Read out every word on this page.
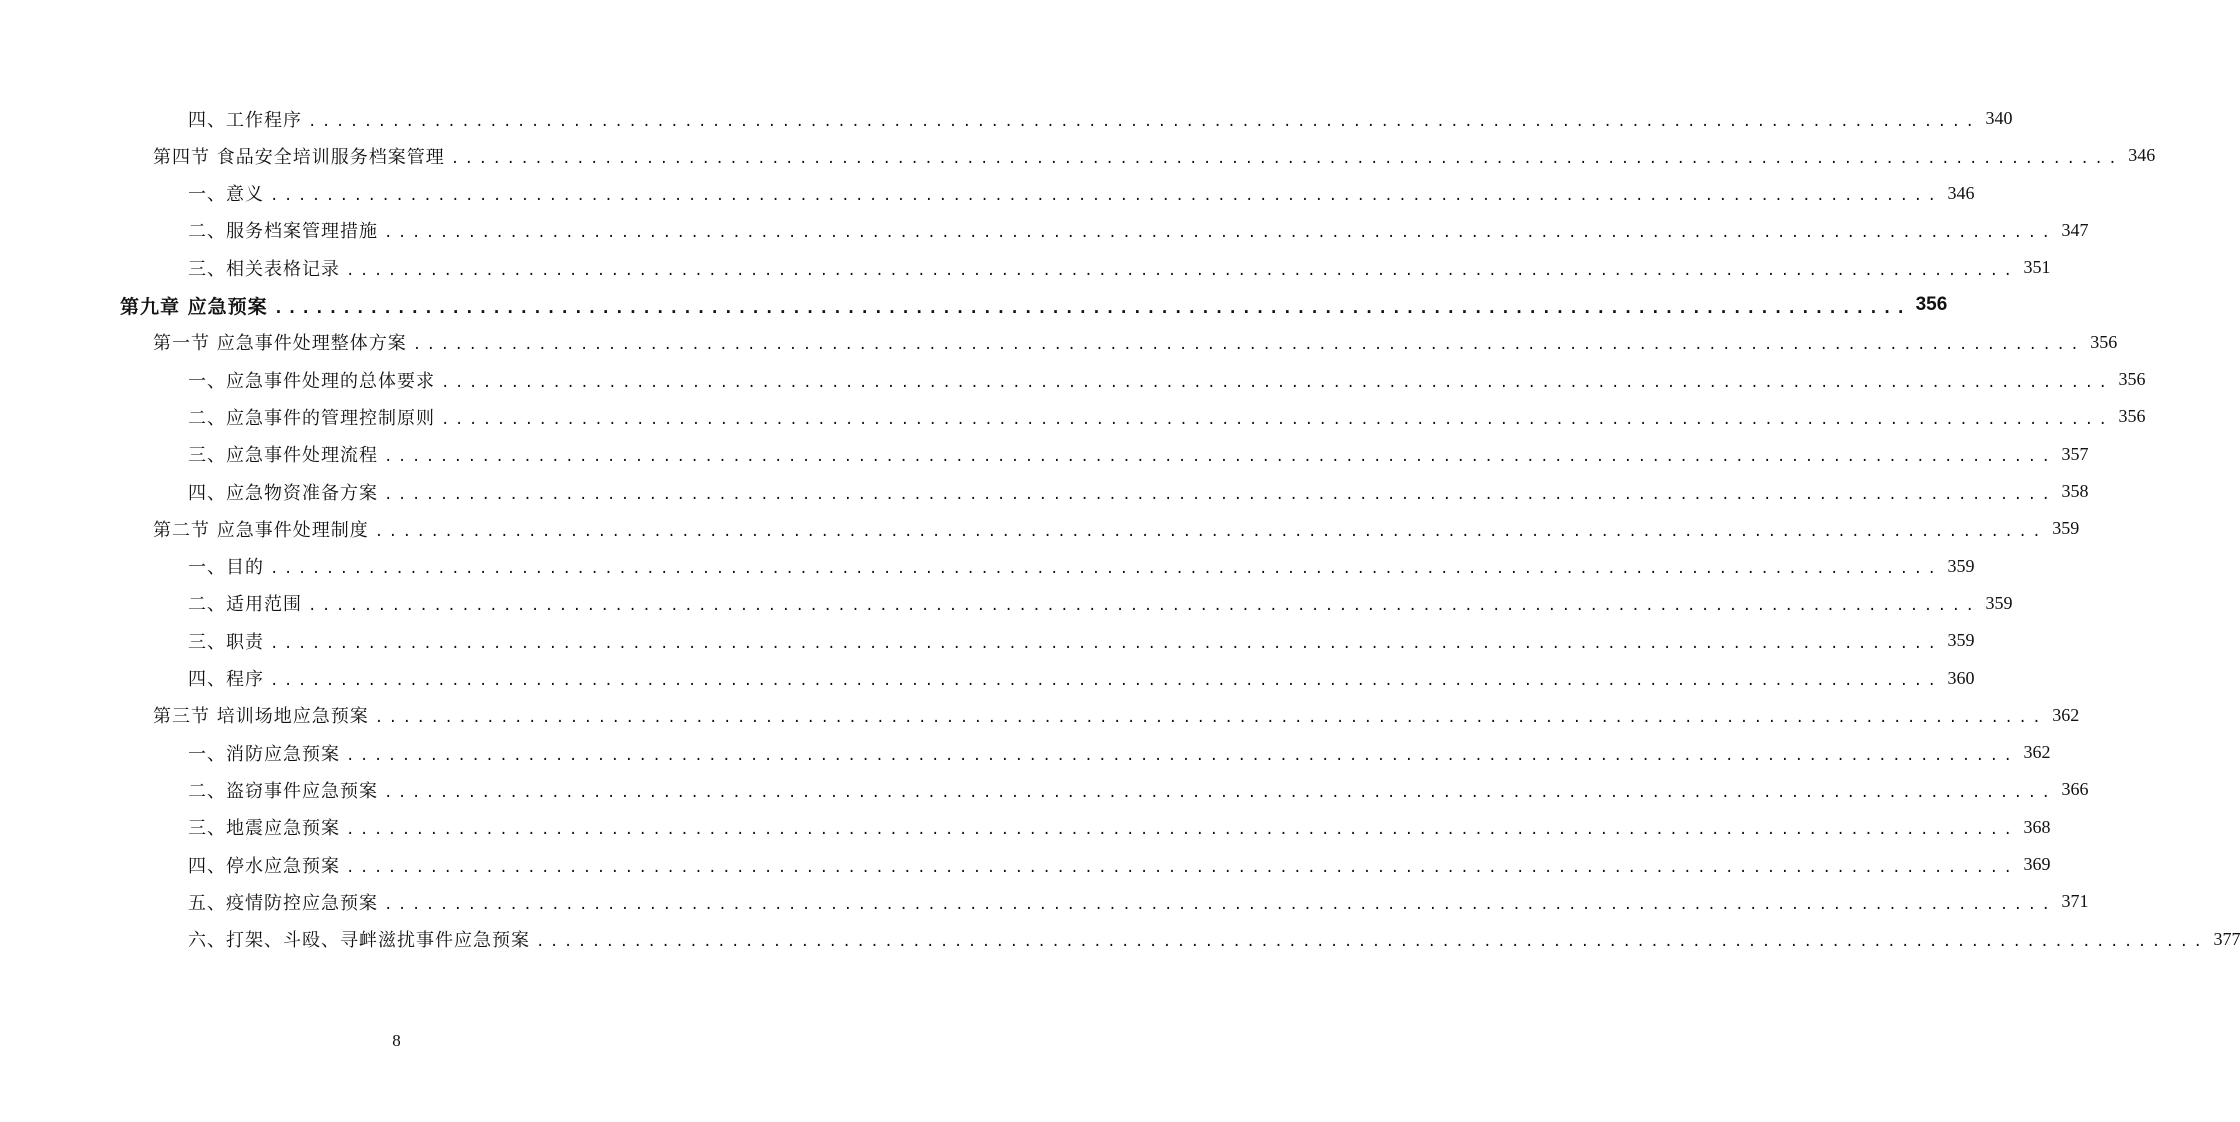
四、工作程序 ........................................................................................................................ 340
第四节 食品安全培训服务档案管理 ........................................................................................................................ 346
一、意义 ........................................................................................................................ 346
二、服务档案管理措施 ........................................................................................................................ 347
三、相关表格记录 ........................................................................................................................ 351
第九章 应急预案 ........................................................................................................................ 356
第一节 应急事件处理整体方案 ........................................................................................................................ 356
一、应急事件处理的总体要求 ........................................................................................................................ 356
二、应急事件的管理控制原则 ........................................................................................................................ 356
三、应急事件处理流程 ........................................................................................................................ 357
四、应急物资准备方案 ........................................................................................................................ 358
第二节 应急事件处理制度 ........................................................................................................................ 359
一、目的 ........................................................................................................................ 359
二、适用范围 ........................................................................................................................ 359
三、职责 ........................................................................................................................ 359
四、程序 ........................................................................................................................ 360
第三节 培训场地应急预案 ........................................................................................................................ 362
一、消防应急预案 ........................................................................................................................ 362
二、盗窃事件应急预案 ........................................................................................................................ 366
三、地震应急预案 ........................................................................................................................ 368
四、停水应急预案 ........................................................................................................................ 369
五、疫情防控应急预案 ........................................................................................................................ 371
六、打架、斗殴、寻衅滋扰事件应急预案 ........................................................................................................................ 377
8
